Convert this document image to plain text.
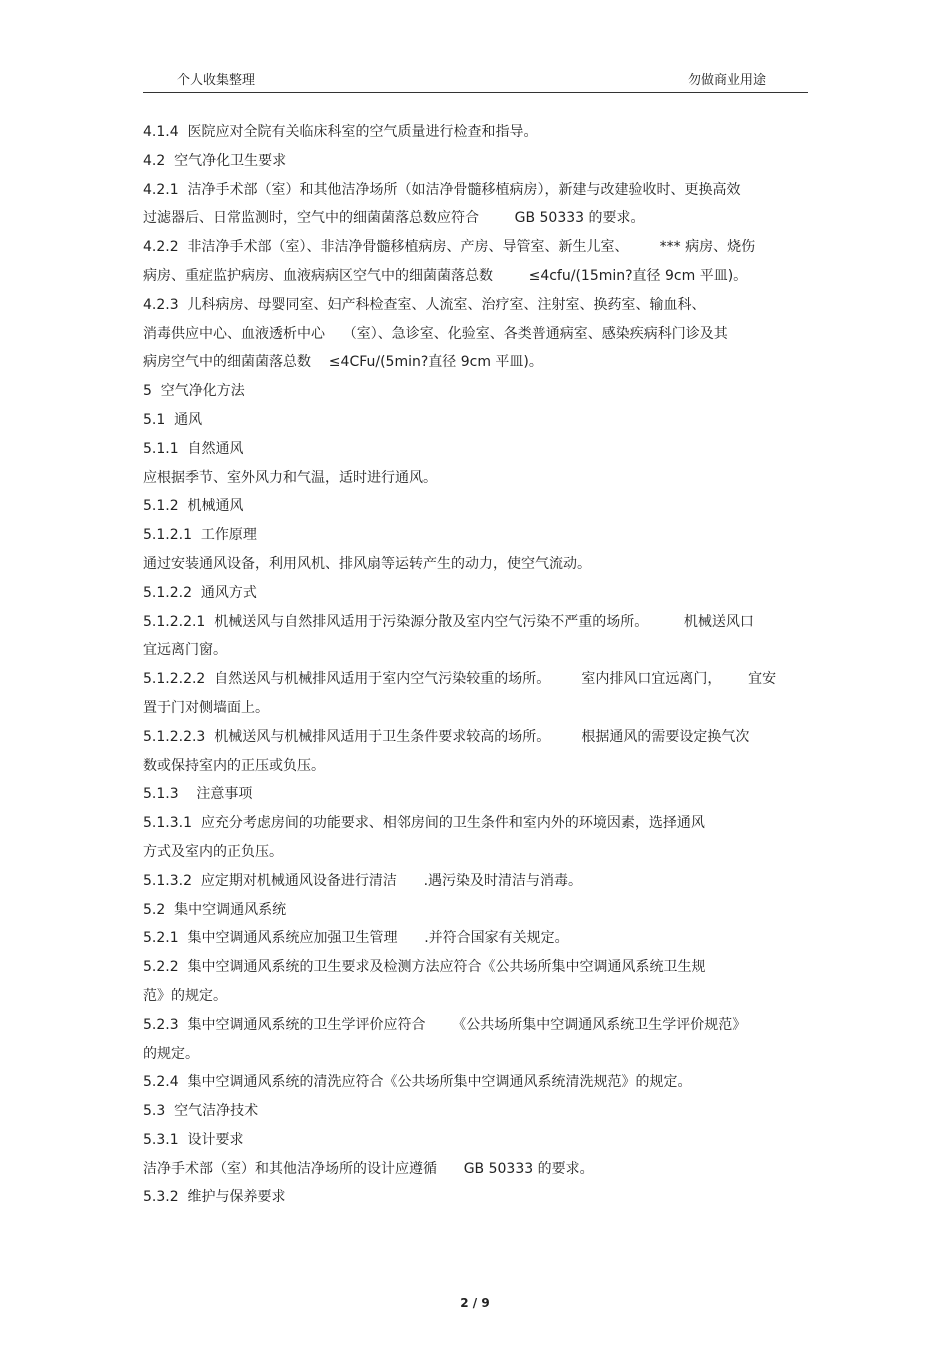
个人收集整理	勿做商业用途
4.1.4  医院应对全院有关临床科室的空气质量进行检查和指导。
4.2  空气净化卫生要求
4.2.1  洁净手术部（室）和其他洁净场所（如洁净骨髓移植病房），新建与改建验收时、更换高效
过滤器后、日常监测时，空气中的细菌菌落总数应符合        GB 50333 的要求。
4.2.2  非洁净手术部（室）、非洁净骨髓移植病房、产房、导管室、新生儿室、       *** 病房、烧伤
病房、重症监护病房、血液病病区空气中的细菌菌落总数        ≤4cfu/(15min?直径 9cm 平皿)。
4.2.3  儿科病房、母婴同室、妇产科检查室、人流室、治疗室、注射室、换药室、输血科、
消毒供应中心、血液透析中心    （室）、急诊室、化验室、各类普通病室、感染疾病科门诊及其
病房空气中的细菌菌落总数    ≤4CFu/(5min?直径 9cm 平皿)。
5  空气净化方法
5.1  通风
5.1.1  自然通风
应根据季节、室外风力和气温，适时进行通风。
5.1.2  机械通风
5.1.2.1  工作原理
通过安装通风设备，利用风机、排风扇等运转产生的动力，使空气流动。
5.1.2.2  通风方式
5.1.2.2.1  机械送风与自然排风适用于污染源分散及室内空气污染不严重的场所。        机械送风口
宜远离门窗。
5.1.2.2.2  自然送风与机械排风适用于室内空气污染较重的场所。       室内排风口宜远离门，      宜安
置于门对侧墙面上。
5.1.2.2.3  机械送风与机械排风适用于卫生条件要求较高的场所。       根据通风的需要设定换气次
数或保持室内的正压或负压。
5.1.3    注意事项
5.1.3.1  应充分考虑房间的功能要求、相邻房间的卫生条件和室内外的环境因素，选择通风
方式及室内的正负压。
5.1.3.2  应定期对机械通风设备进行清洁      .遇污染及时清洁与消毒。
5.2  集中空调通风系统
5.2.1  集中空调通风系统应加强卫生管理      .并符合国家有关规定。
5.2.2  集中空调通风系统的卫生要求及检测方法应符合《公共场所集中空调通风系统卫生规
范》的规定。
5.2.3  集中空调通风系统的卫生学评价应符合      《公共场所集中空调通风系统卫生学评价规范》
的规定。
5.2.4  集中空调通风系统的清洗应符合《公共场所集中空调通风系统清洗规范》的规定。
5.3  空气洁净技术
5.3.1  设计要求
洁净手术部（室）和其他洁净场所的设计应遵循      GB 50333 的要求。
5.3.2  维护与保养要求
2 / 9
